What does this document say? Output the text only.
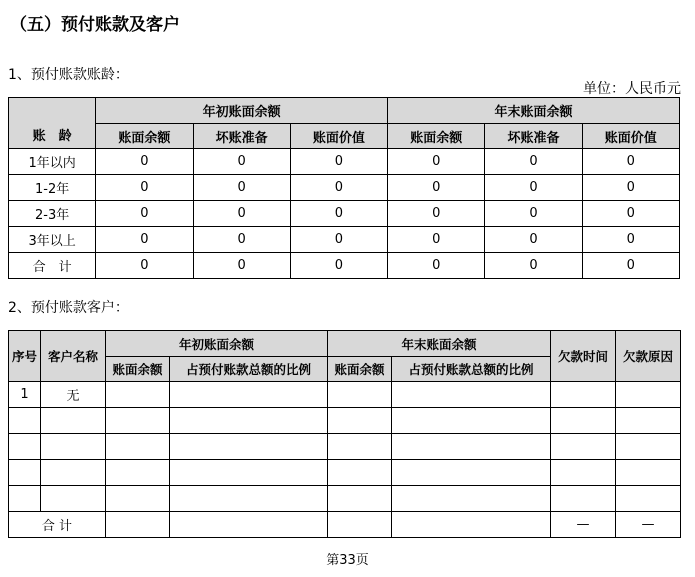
（五）预付账款及客户
1、预付账款账龄：
单位：人民币元
账　龄	年初账面余额			年末账面余额		
	账面余额	坏账准备	账面价值	账面余额	坏账准备	账面价值
1年以内	0	0	0	0	0	0
1-2年	0	0	0	0	0	0
2-3年	0	0	0	0	0	0
3年以上	0	0	0	0	0	0
合　计	0	0	0	0	0	0
2、预付账款客户：
序号	客户名称	年初账面余额		年末账面余额		欠款时间	欠款原因
		账面余额	占预付账款总额的比例	账面余额	占预付账款总额的比例		
1	无						

合 计						—	—
第33页
